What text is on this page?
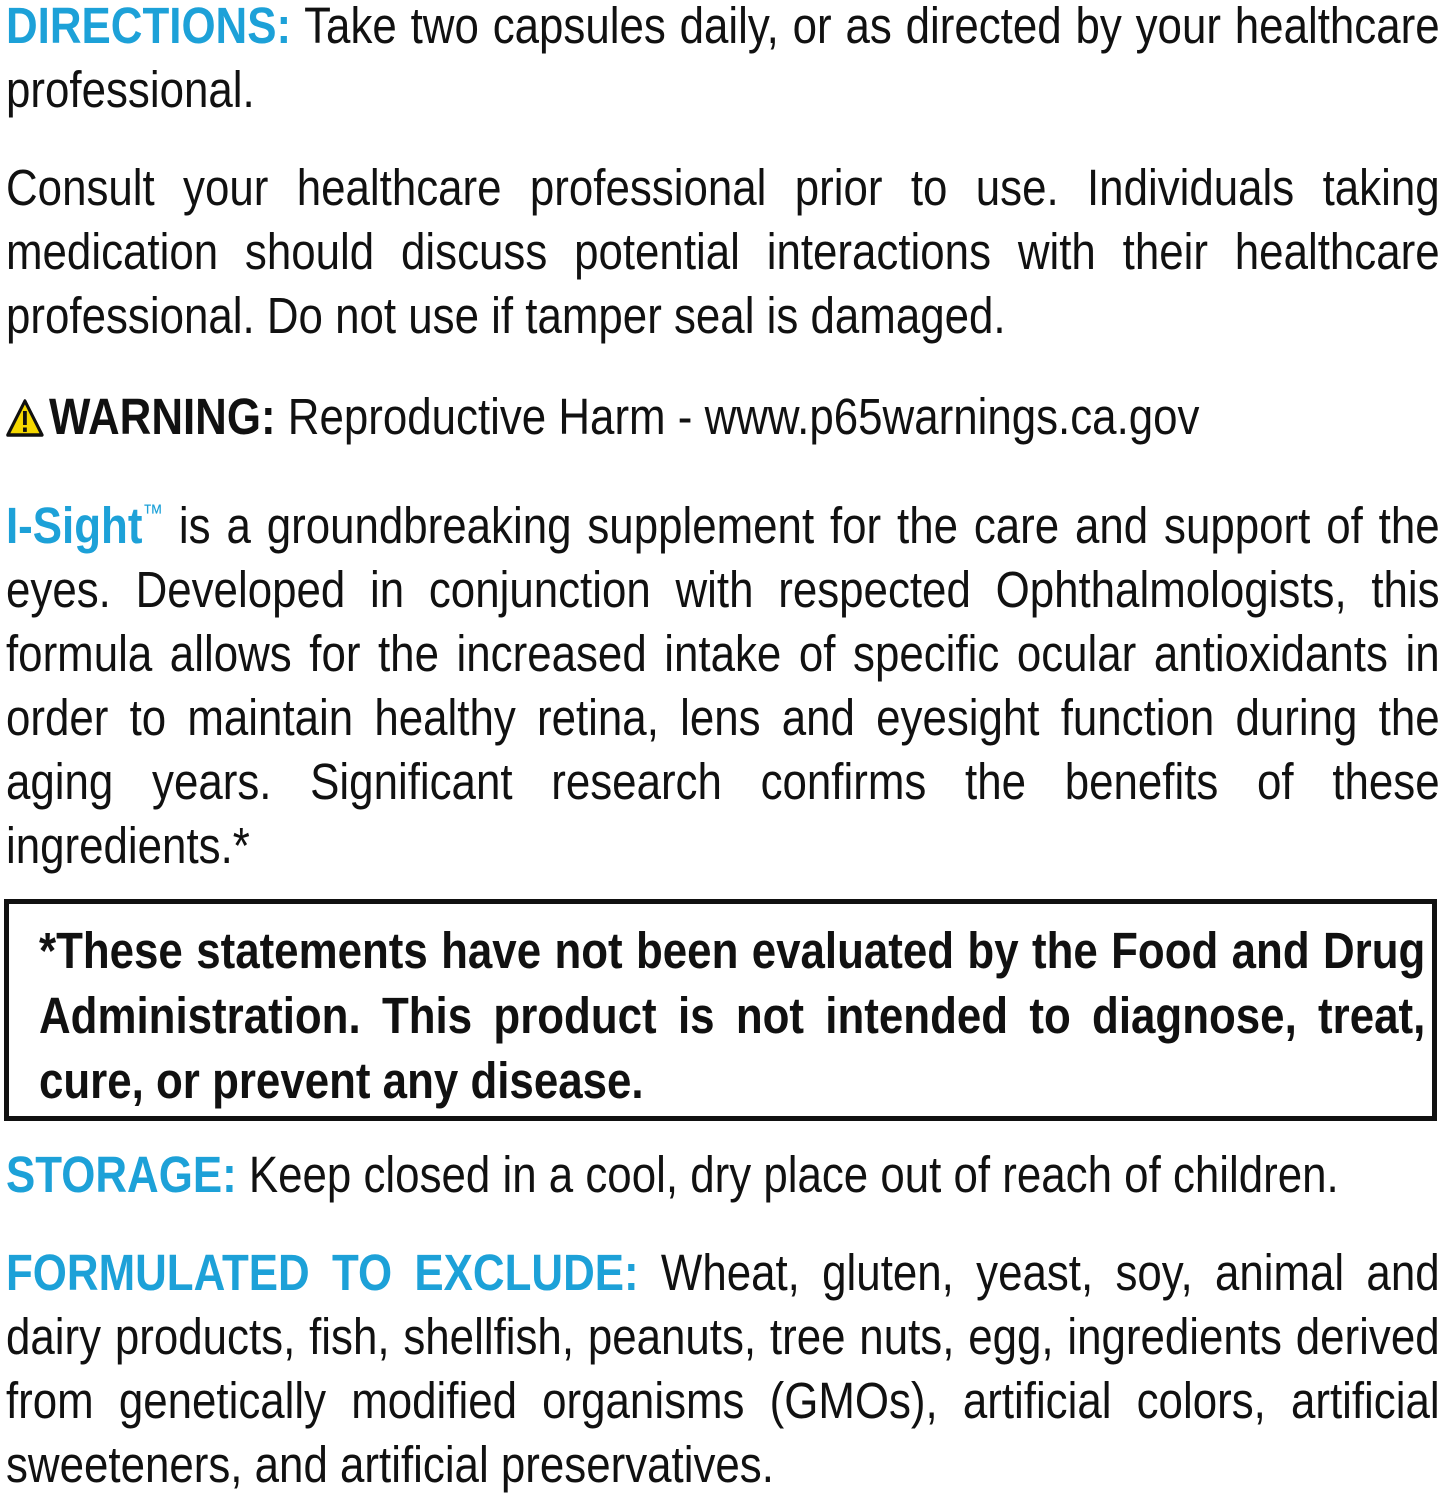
DIRECTIONS: Take two capsules daily, or as directed by your healthcare professional.
Consult your healthcare professional prior to use. Individuals taking medication should discuss potential interactions with their healthcare professional. Do not use if tamper seal is damaged.
WARNING: Reproductive Harm - www.p65warnings.ca.gov
I-Sight™ is a groundbreaking supplement for the care and support of the eyes. Developed in conjunction with respected Ophthalmologists, this formula allows for the increased intake of specific ocular antioxidants in order to maintain healthy retina, lens and eyesight function during the aging years. Significant research confirms the benefits of these ingredients.*
*These statements have not been evaluated by the Food and Drug Administration. This product is not intended to diagnose, treat, cure, or prevent any disease.
STORAGE: Keep closed in a cool, dry place out of reach of children.
FORMULATED TO EXCLUDE: Wheat, gluten, yeast, soy, animal and dairy products, fish, shellfish, peanuts, tree nuts, egg, ingredients derived from genetically modified organisms (GMOs), artificial colors, artificial sweeteners, and artificial preservatives.
